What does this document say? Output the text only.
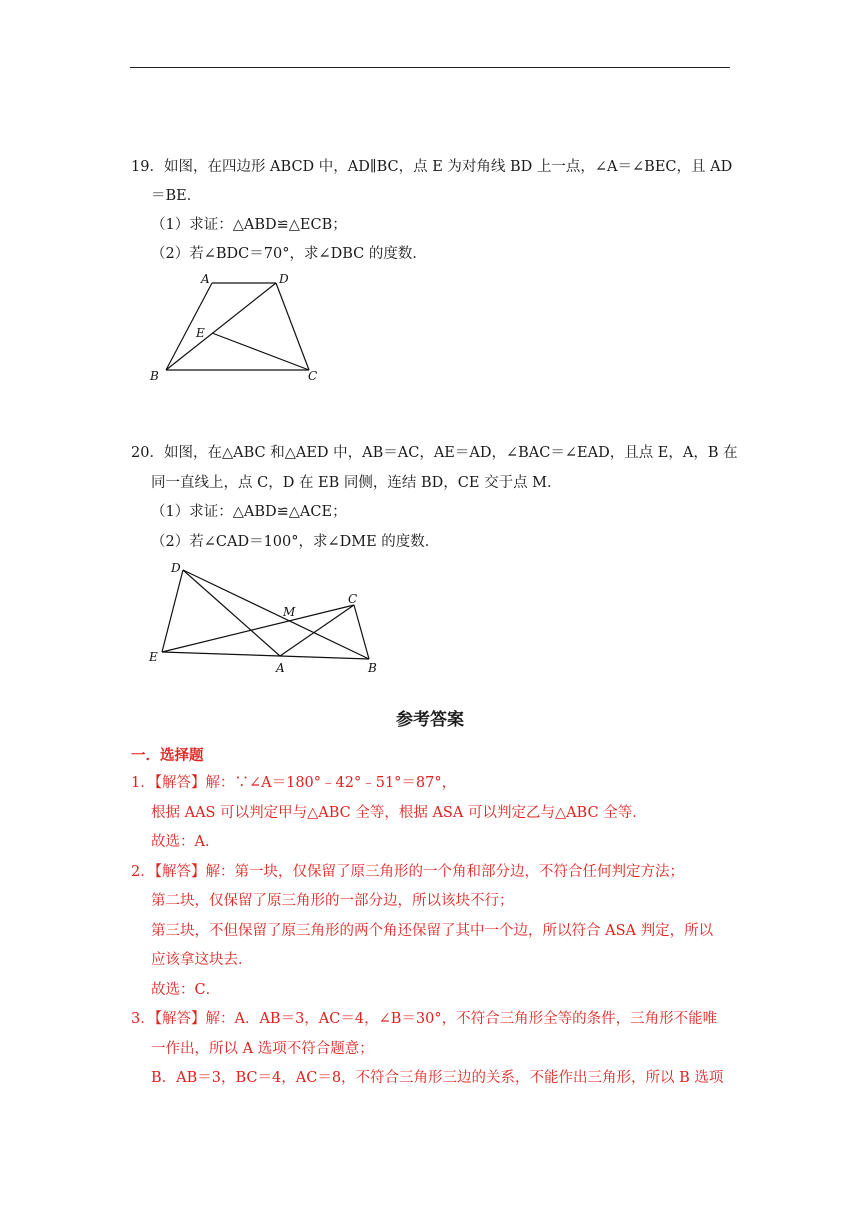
19．如图，在四边形 ABCD 中，AD∥BC，点 E 为对角线 BD 上一点，∠A＝∠BEC，且 AD
＝BE．
（1）求证：△ABD≌△ECB；
（2）若∠BDC＝70°，求∠DBC 的度数．
A	D
E
B	C
20．如图，在△ABC 和△AED 中，AB＝AC，AE＝AD，∠BAC＝∠EAD，且点 E，A，B 在
同一直线上，点 C，D 在 EB 同侧，连结 BD，CE 交于点 M．
（1）求证：△ABD≌△ACE；
（2）若∠CAD＝100°，求∠DME 的度数．
D
E
M
C
A	B
参考答案
一．选择题
1．【解答】解：∵∠A＝180°﹣42°﹣51°＝87°，
根据 AAS 可以判定甲与△ABC 全等，根据 ASA 可以判定乙与△ABC 全等．
故选：A．
2．【解答】解：第一块，仅保留了原三角形的一个角和部分边，不符合任何判定方法；
第二块，仅保留了原三角形的一部分边，所以该块不行；
第三块，不但保留了原三角形的两个角还保留了其中一个边，所以符合 ASA 判定，所以
应该拿这块去．
故选：C．
3．【解答】解：A．AB＝3，AC＝4，∠B＝30°，不符合三角形全等的条件，三角形不能唯
一作出，所以 A 选项不符合题意；
B．AB＝3，BC＝4，AC＝8，不符合三角形三边的关系，不能作出三角形，所以 B 选项
